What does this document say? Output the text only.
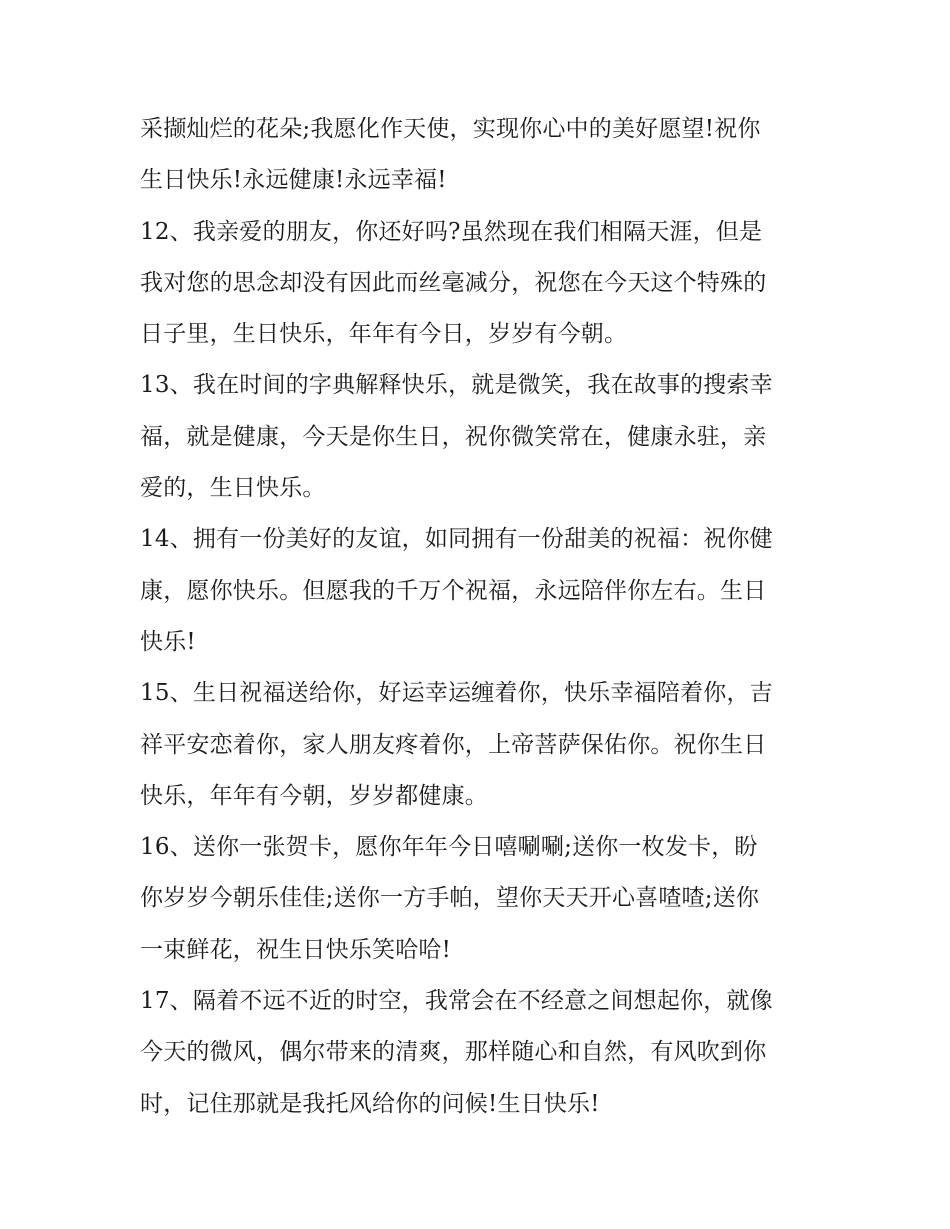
采撷灿烂的花朵;我愿化作天使，实现你心中的美好愿望!祝你
生日快乐!永远健康!永远幸福!
12、我亲爱的朋友，你还好吗?虽然现在我们相隔天涯，但是
我对您的思念却没有因此而丝毫减分，祝您在今天这个特殊的
日子里，生日快乐，年年有今日，岁岁有今朝。
13、我在时间的字典解释快乐，就是微笑，我在故事的搜索幸
福，就是健康，今天是你生日，祝你微笑常在，健康永驻，亲
爱的，生日快乐。
14、拥有一份美好的友谊，如同拥有一份甜美的祝福：祝你健
康，愿你快乐。但愿我的千万个祝福，永远陪伴你左右。生日
快乐!
15、生日祝福送给你，好运幸运缠着你，快乐幸福陪着你，吉
祥平安恋着你，家人朋友疼着你，上帝菩萨保佑你。祝你生日
快乐，年年有今朝，岁岁都健康。
16、送你一张贺卡，愿你年年今日嘻唰唰;送你一枚发卡，盼
你岁岁今朝乐佳佳;送你一方手帕，望你天天开心喜喳喳;送你
一束鲜花，祝生日快乐笑哈哈!
17、隔着不远不近的时空，我常会在不经意之间想起你，就像
今天的微风，偶尔带来的清爽，那样随心和自然，有风吹到你
时，记住那就是我托风给你的问候!生日快乐!
